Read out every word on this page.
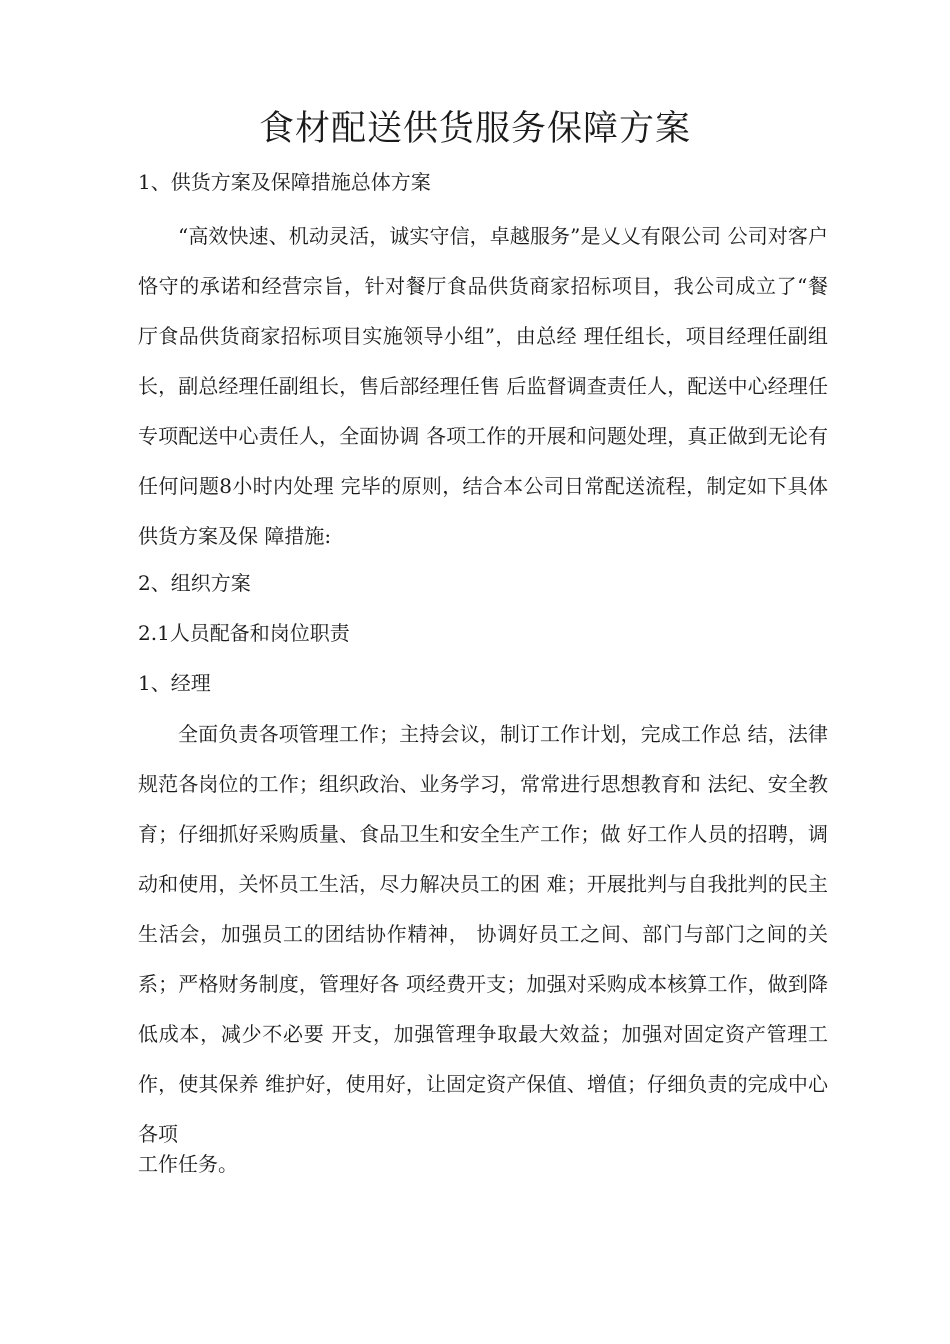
食材配送供货服务保障方案
1、供货方案及保障措施总体方案
“高效快速、机动灵活，诚实守信，卓越服务”是乂乂有限公司 公司对客户恪守的承诺和经营宗旨，针对餐厅食品供货商家招标项目，我公司成立了“餐厅食品供货商家招标项目实施领导小组”，由总经 理任组长，项目经理任副组长，副总经理任副组长，售后部经理任售 后监督调查责任人，配送中心经理任专项配送中心责任人，全面协调 各项工作的开展和问题处理，真正做到无论有任何问题8小时内处理 完毕的原则，结合本公司日常配送流程，制定如下具体供货方案及保 障措施:
2、组织方案
2.1人员配备和岗位职责
1、经理
全面负责各项管理工作；主持会议，制订工作计划，完成工作总 结，法律规范各岗位的工作；组织政治、业务学习，常常进行思想教育和 法纪、安全教育；仔细抓好采购质量、食品卫生和安全生产工作；做 好工作人员的招聘，调动和使用，关怀员工生活，尽力解决员工的困 难；开展批判与自我批判的民主生活会，加强员工的团结协作精神， 协调好员工之间、部门与部门之间的关系；严格财务制度，管理好各 项经费开支；加强对采购成本核算工作，做到降低成本，减少不必要 开支，加强管理争取最大效益；加强对固定资产管理工作，使其保养 维护好，使用好，让固定资产保值、增值；仔细负责的完成中心各项
工作任务。
